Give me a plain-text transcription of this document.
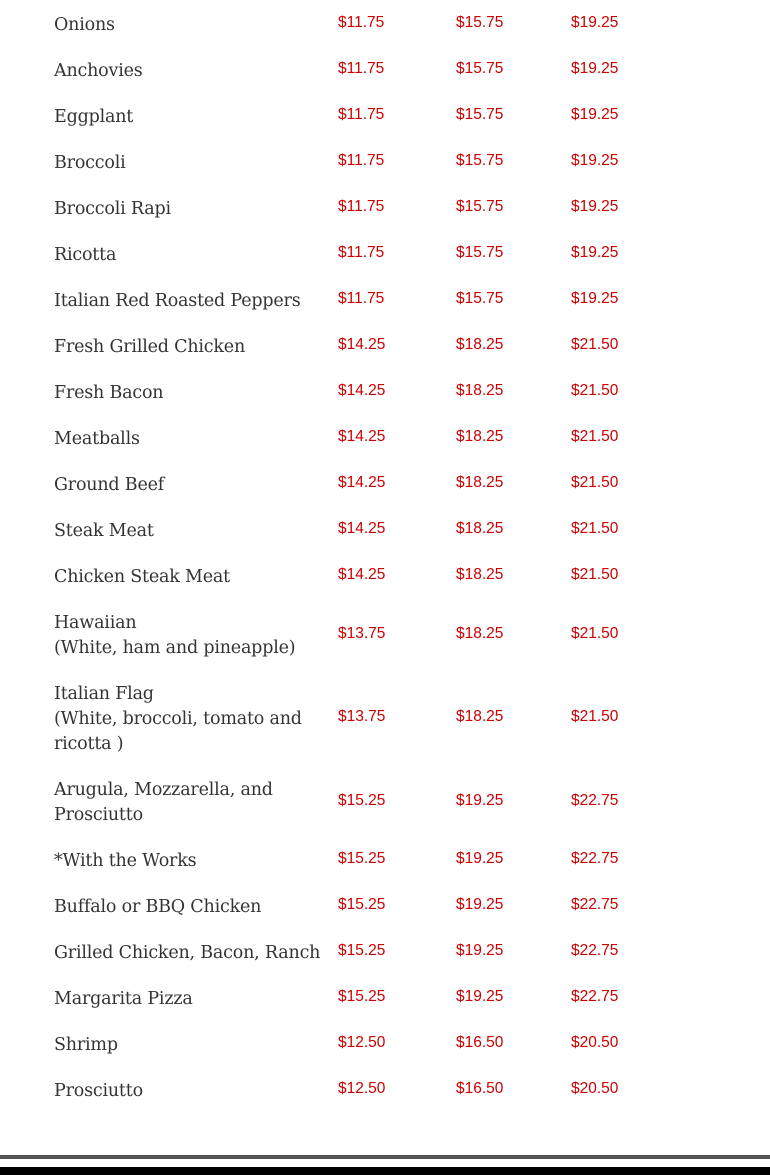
Onions	$11.75	$15.75	$19.25
Anchovies	$11.75	$15.75	$19.25
Eggplant	$11.75	$15.75	$19.25
Broccoli	$11.75	$15.75	$19.25
Broccoli Rapi	$11.75	$15.75	$19.25
Ricotta	$11.75	$15.75	$19.25
Italian Red Roasted Peppers	$11.75	$15.75	$19.25
Fresh Grilled Chicken	$14.25	$18.25	$21.50
Fresh Bacon	$14.25	$18.25	$21.50
Meatballs	$14.25	$18.25	$21.50
Ground Beef	$14.25	$18.25	$21.50
Steak Meat	$14.25	$18.25	$21.50
Chicken Steak Meat	$14.25	$18.25	$21.50
Hawaiian
(White, ham and pineapple)
$13.75	$18.25	$21.50
Italian Flag
(White, broccoli, tomato and
ricotta )
$13.75	$18.25	$21.50
Arugula, Mozzarella, and
Prosciutto
$15.25	$19.25	$22.75
*With the Works	$15.25	$19.25	$22.75
Buffalo or BBQ Chicken	$15.25	$19.25	$22.75
Grilled Chicken, Bacon, Ranch	$15.25	$19.25	$22.75
Margarita Pizza	$15.25	$19.25	$22.75
Shrimp	$12.50	$16.50	$20.50
Prosciutto	$12.50	$16.50	$20.50
